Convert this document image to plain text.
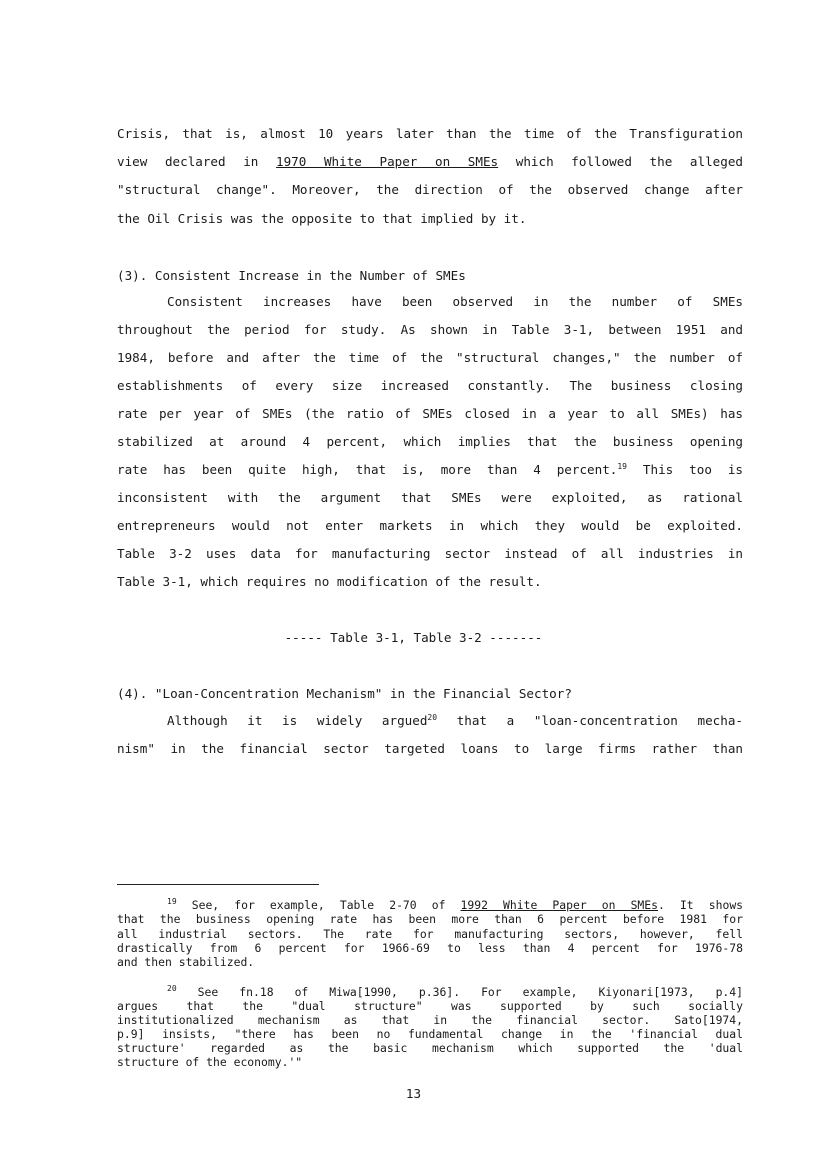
Crisis, that is, almost 10 years later than the time of the Transfiguration
view declared in 1970 White Paper on SMEs which followed the alleged
"structural change". Moreover, the direction of the observed change after
the Oil Crisis was the opposite to that implied by it.
(3). Consistent Increase in the Number of SMEs
Consistent increases have been observed in the number of SMEs
throughout the period for study. As shown in Table 3-1, between 1951 and
1984, before and after the time of the "structural changes," the number of
establishments of every size increased constantly. The business closing
rate per year of SMEs (the ratio of SMEs closed in a year to all SMEs) has
stabilized at around 4 percent, which implies that the business opening
rate has been quite high, that is, more than 4 percent.$^{19}$ This too is
inconsistent with the argument that SMEs were exploited, as rational
entrepreneurs would not enter markets in which they would be exploited.
Table 3-2 uses data for manufacturing sector instead of all industries in
Table 3-1, which requires no modification of the result.
----- Table 3-1, Table 3-2 -------
(4). "Loan-Concentration Mechanism" in the Financial Sector?
Although it is widely argued$^{20}$ that a "loan-concentration mecha-
nism" in the financial sector targeted loans to large firms rather than
$^{19}$ See, for example, Table 2-70 of 1992 White Paper on SMEs. It shows
that the business opening rate has been more than 6 percent before 1981 for
all industrial sectors. The rate for manufacturing sectors, however, fell
drastically from 6 percent for 1966-69 to less than 4 percent for 1976-78
and then stabilized.
$^{20}$ See fn.18 of Miwa[1990, p.36]. For example, Kiyonari[1973, p.4]
argues that the "dual structure" was supported by such socially
institutionalized mechanism as that in the financial sector. Sato[1974,
p.9] insists, "there has been no fundamental change in the 'financial dual
structure' regarded as the basic mechanism which supported the 'dual
structure of the economy.'"
13
